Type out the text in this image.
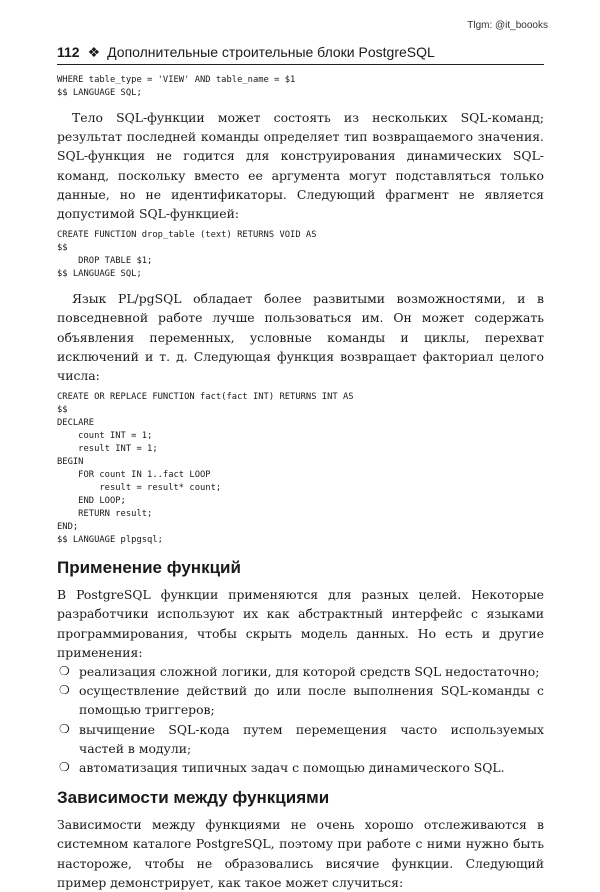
Tlgm: @it_boooks
112 ❖ Дополнительные строительные блоки PostgreSQL
WHERE table_type = 'VIEW' AND table_name = $1
$$ LANGUAGE SQL;

Тело SQL-функции может состоять из нескольких SQL-команд; результат последней команды определяет тип возвращаемого значения. SQL-функция не годится для конструирования динамических SQL-команд, поскольку вместо ее аргумента могут подставляться только данные, но не идентификаторы. Следующий фрагмент не является допустимой SQL-функцией:

CREATE FUNCTION drop_table (text) RETURNS VOID AS
$$
DROP TABLE $1;
$$ LANGUAGE SQL;

Язык PL/pgSQL обладает более развитыми возможностями, и в повседневной работе лучше пользоваться им. Он может содержать объявления переменных, условные команды и циклы, перехват исключений и т. д. Следующая функция возвращает факториал целого числа:

CREATE OR REPLACE FUNCTION fact(fact INT) RETURNS INT AS
$$
DECLARE
count INT = 1;
result INT = 1;
BEGIN
FOR count IN 1..fact LOOP
result = result* count;
END LOOP;
RETURN result;
END;
$$ LANGUAGE plpgsql;
Применение функций

В PostgreSQL функции применяются для разных целей. Некоторые разработчики используют их как абстрактный интерфейс с языками программирования, чтобы скрыть модель данных. Но есть и другие применения:

❍ реализация сложной логики, для которой средств SQL недостаточно;
❍ осуществление действий до или после выполнения SQL-команды с помощью триггеров;
❍ вычищение SQL-кода путем перемещения часто используемых частей в модули;
❍ автоматизация типичных задач с помощью динамического SQL.
Зависимости между функциями

Зависимости между функциями не очень хорошо отслеживаются в системном каталоге PostgreSQL, поэтому при работе с ними нужно быть настороже, чтобы не образовались висячие функции. Следующий пример демонстрирует, как такое может случиться:
